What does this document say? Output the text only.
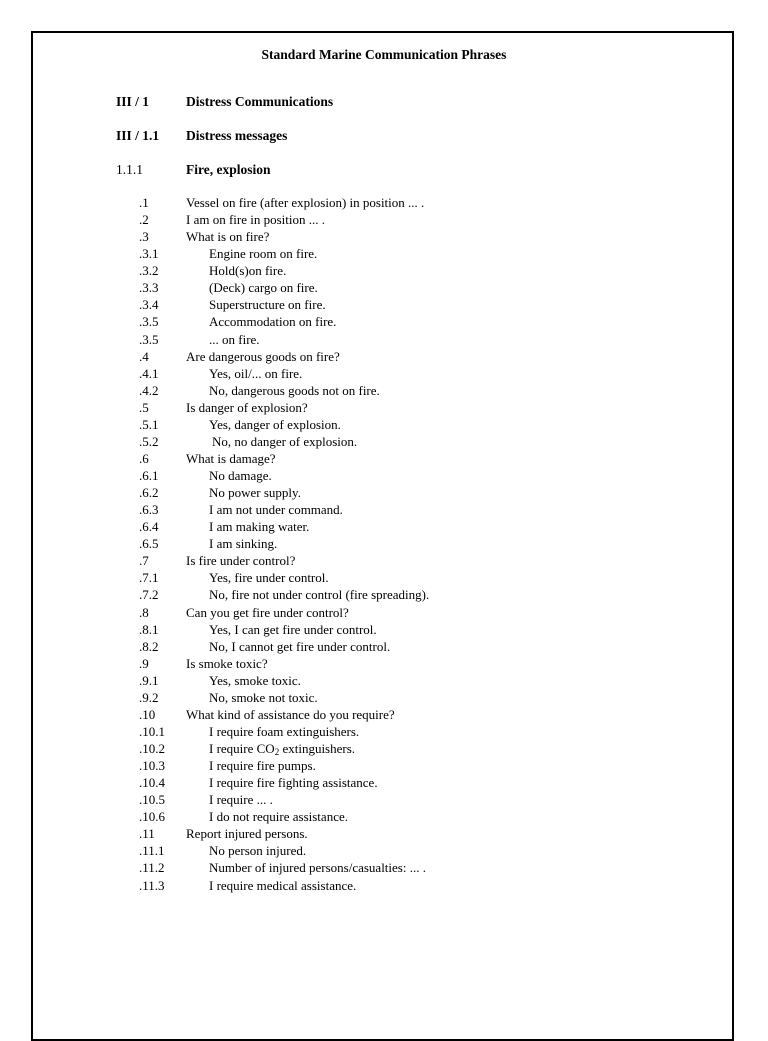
Standard Marine Communication Phrases
III / 1	Distress Communications
III / 1.1 Distress messages
1.1.1	Fire, explosion
.1	Vessel on fire (after explosion) in position ... .
.2	I am on fire in position ... .
.3	What is on fire?
.3.1	Engine room on fire.
.3.2	Hold(s)on fire.
.3.3	(Deck) cargo on fire.
.3.4	Superstructure on fire.
.3.5	Accommodation on fire.
.3.5	... on fire.
.4	Are dangerous goods on fire?
.4.1	Yes, oil/... on fire.
.4.2	No, dangerous goods not on fire.
.5	Is danger of explosion?
.5.1	Yes, danger of explosion.
.5.2	No, no danger of explosion.
.6	What is damage?
.6.1	No damage.
.6.2	No power supply.
.6.3	I am not under command.
.6.4	I am making water.
.6.5	I am sinking.
.7	Is fire under control?
.7.1	Yes, fire under control.
.7.2	No, fire not under control (fire spreading).
.8	Can you get fire under control?
.8.1	Yes, I can get fire under control.
.8.2	No, I cannot get fire under control.
.9	Is smoke toxic?
.9.1	Yes, smoke toxic.
.9.2	No, smoke not toxic.
.10 What kind of assistance do you require?
.10.1	I require foam extinguishers.
.10.2	I require $CO_2$ extinguishers.
.10.3	I require fire pumps.
.10.4	I require fire fighting assistance.
.10.5	I require ... .
.10.6	I do not require assistance.
.11 Report injured persons.
.11.1	No person injured.
.11.2	Number of injured persons/casualties: ... .
.11.3	I require medical assistance.
